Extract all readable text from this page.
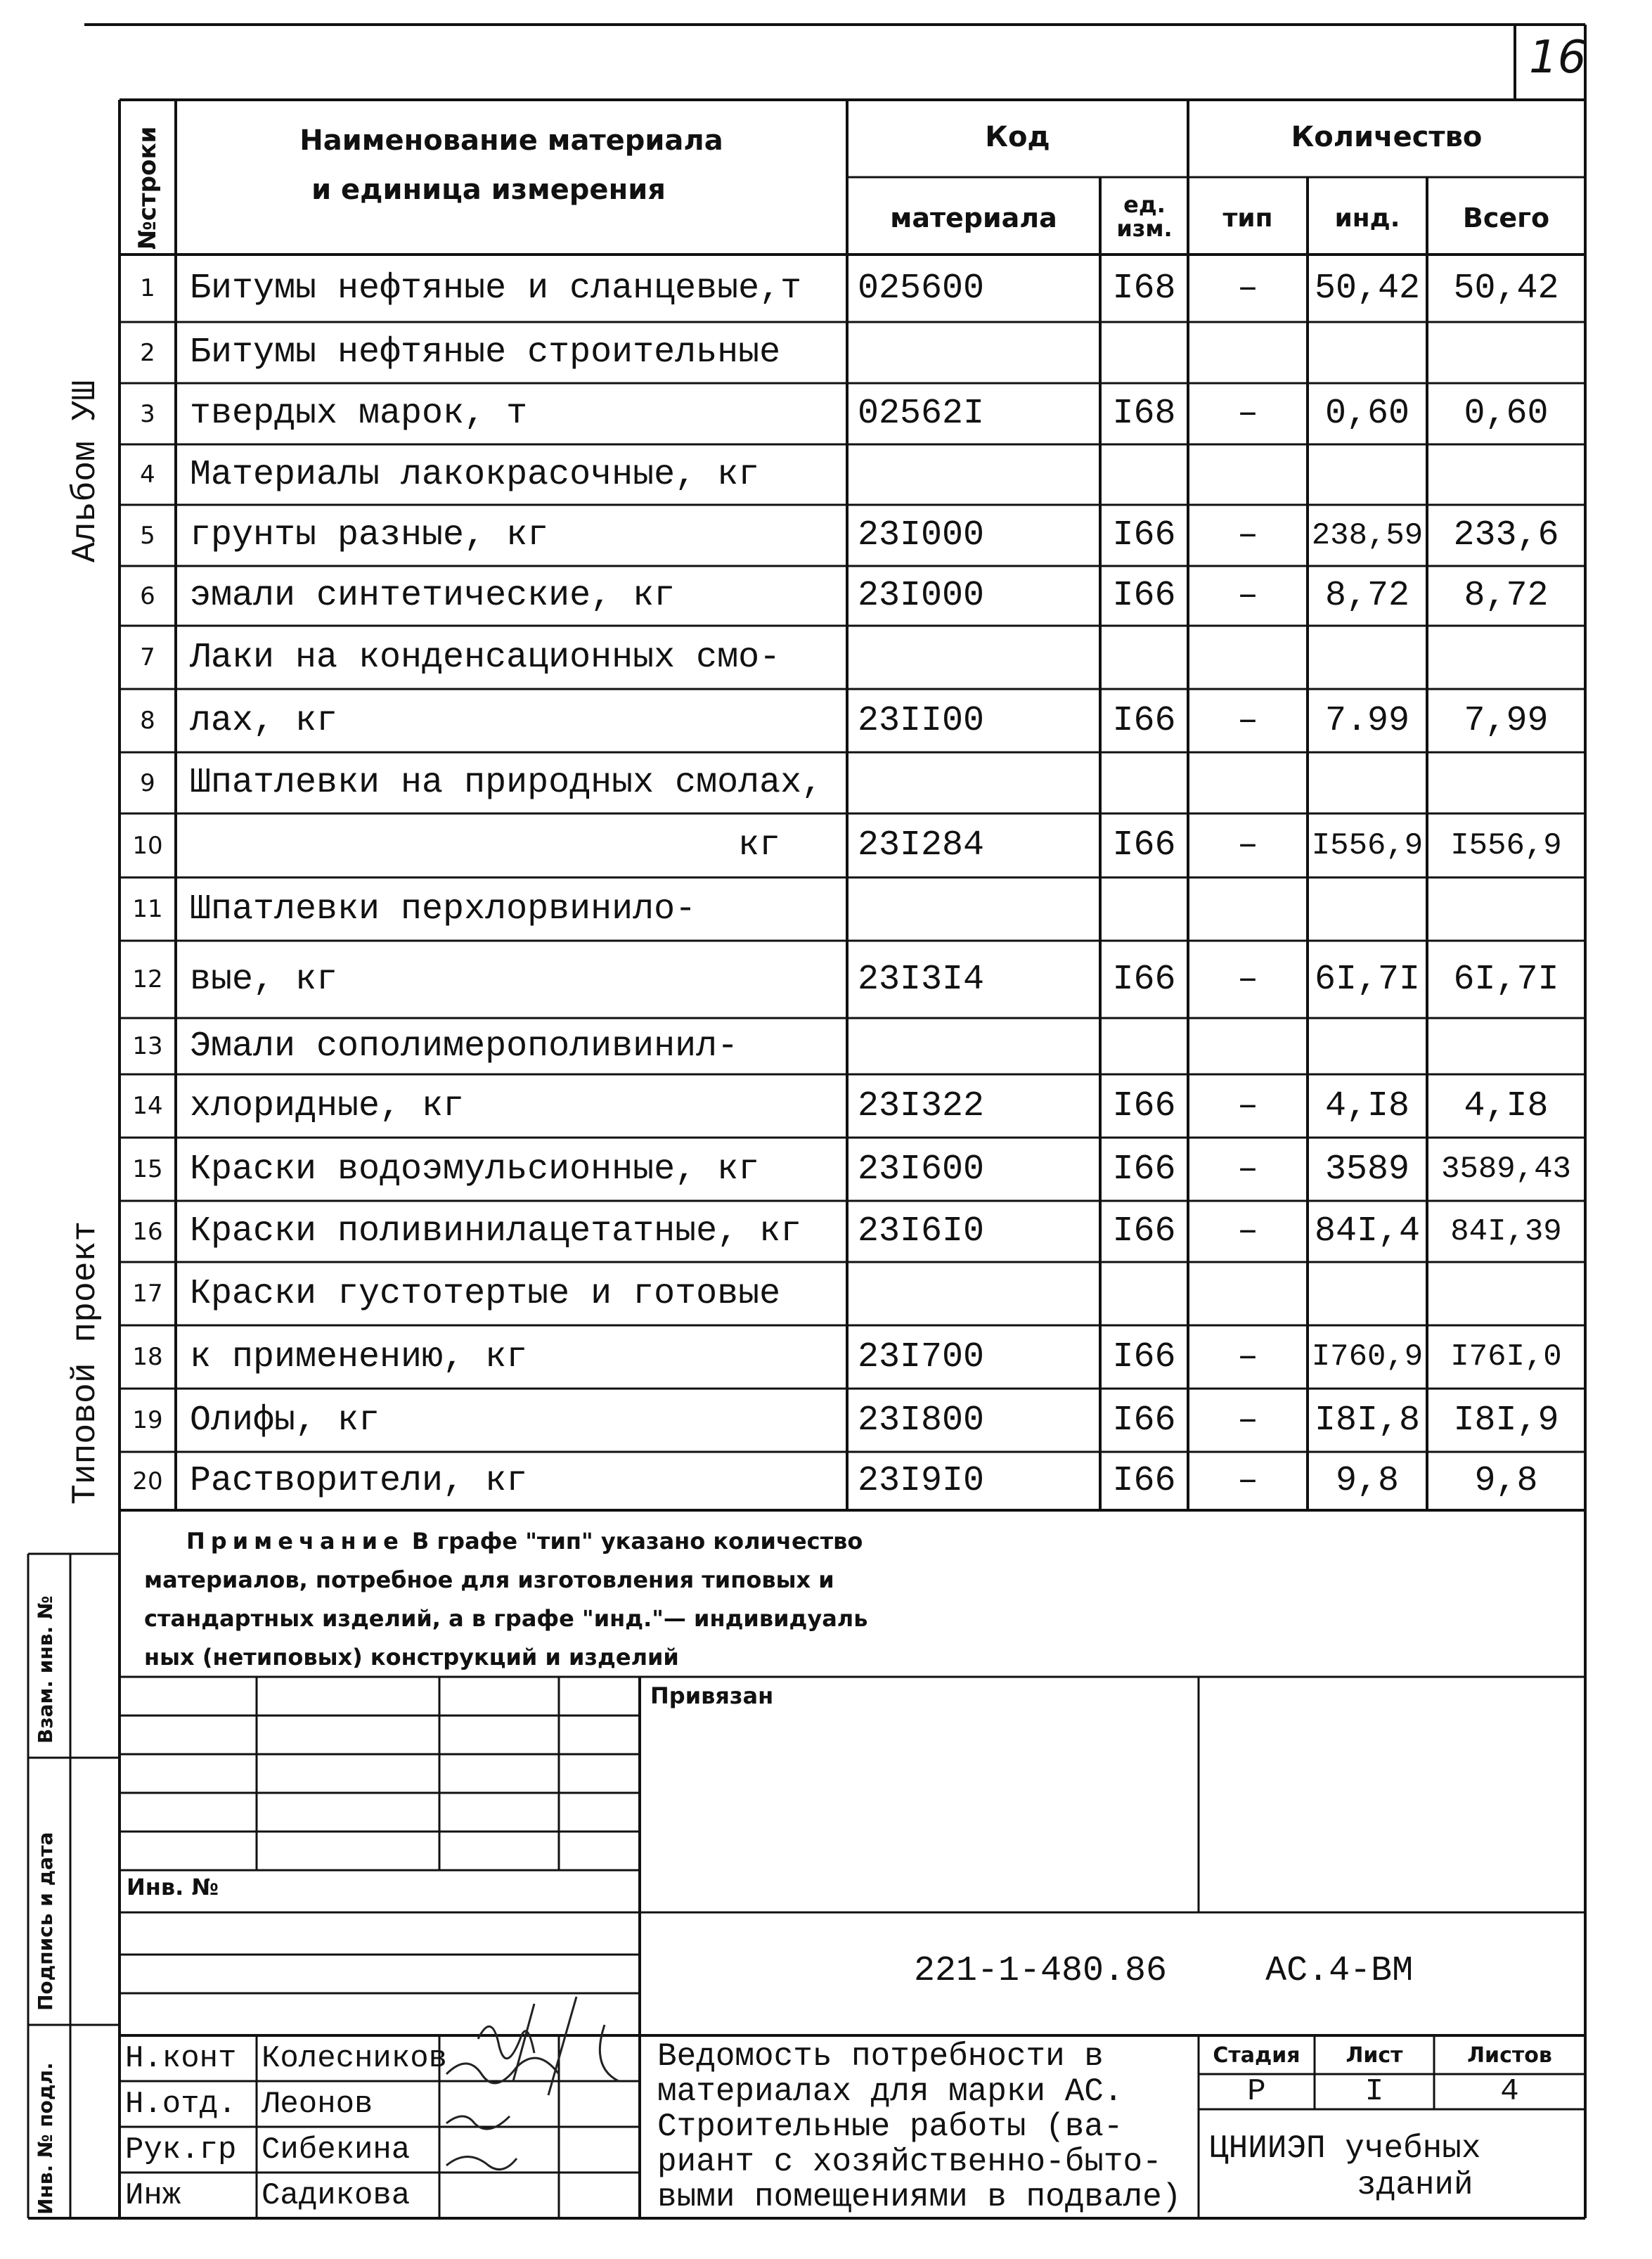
16
Альбом УШ
Типовой проект
Инв. № подл.
Подпись и дата
Взам. инв. №
№строки	Наименование материала
и единица измерения
Код	Количество
материала	ед. изм.	тип	инд.	Всего
1 Битумы нефтяные и сланцевые,т	025600	I68	–	50,42 50,42
2 Битумы нефтяные строительные
3 твердых марок, т	02562I	I68	–	0,60	0,60
4 Материалы лакокрасочные, кг
5 грунты разные, кг	23I000	I66	–	238,59 233,6
6 эмали синтетические, кг	23I000	I66	–	8,72	8,72
7 Лаки на конденсационных смо-
8 лах, кг	23II00	I66	–	7.99	7,99
9 Шпатлевки на природных смолах,
10	кг 23I284	I66	–	I556,9 I556,9
11 Шпатлевки перхлорвинило-
12 вые, кг	23I3I4	I66	–	6I,7I 6I,7I
13 Эмали сополимерополивинил-
14 хлоридные, кг	23I322	I66	–	4,I8	4,I8
15 Краски водоэмульсионные, кг	23I600	I66	–	3589	3589,43
16 Краски поливинилацетатные, кг	23I6I0	I66	–	84I,4 84I,39
17 Краски густотертые и готовые
18 к применению, кг	23I700	I66	–	I760,9 I76I,0
19 Олифы, кг	23I800	I66	–	I8I,8 I8I,9
20 Растворители, кг	23I9I0	I66	–	9,8	9,8
Примечание В графе "тип" указано количество
материалов, потребное для изготовления типовых и
стандартных изделий, а в графе "инд."— индивидуаль
ных (нетиповых) конструкций и изделий
Привязан
Инв. №
221-1-480.86	АС.4-ВМ
Н.конт Колесников
Н.отд. Леонов
Рук.гр Сибекина
Инж	Садикова
Ведомость потребности в
материалах для марки АС.
Строительные работы (ва-
риант с хозяйственно-быто-
выми помещениями в подвале)
Стадия	Лист	Листов
Р	I	4
ЦНИИЭП учебных
зданий
